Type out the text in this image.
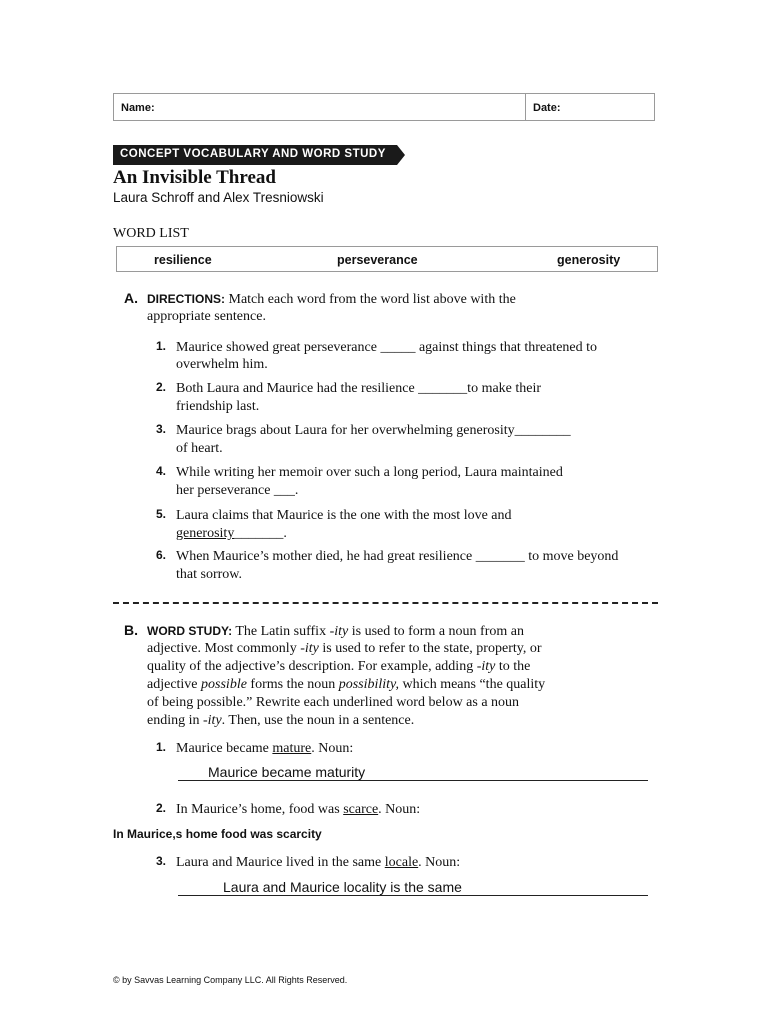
Name:	Date:
CONCEPT VOCABULARY AND WORD STUDY
An Invisible Thread
Laura Schroff and Alex Tresniowski
WORD LIST
resilience	perseverance	generosity
A. DIRECTIONS: Match each word from the word list above with the
appropriate sentence.
1. Maurice showed great perseverance _____ against things that threatened to
overwhelm him.
2. Both Laura and Maurice had the resilience _______to make their
friendship last.
3. Maurice brags about Laura for her overwhelming generosity________
of heart.
4. While writing her memoir over such a long period, Laura maintained
her perseverance ___.
5. Laura claims that Maurice is the one with the most love and
generosity_______.
6. When Maurice’s mother died, he had great resilience _______ to move beyond
that sorrow.
B. WORD STUDY: The Latin suffix -ity is used to form a noun from an
adjective. Most commonly -ity is used to refer to the state, property, or
quality of the adjective’s description. For example, adding -ity to the
adjective possible forms the noun possibility, which means “the quality
of being possible.” Rewrite each underlined word below as a noun
ending in -ity. Then, use the noun in a sentence.
1. Maurice became mature. Noun:
Maurice became maturity
2. In Maurice’s home, food was scarce. Noun:
In Maurice,s home food was scarcity
3. Laura and Maurice lived in the same locale. Noun:
Laura and Maurice locality is the same
© by Savvas Learning Company LLC. All Rights Reserved.
